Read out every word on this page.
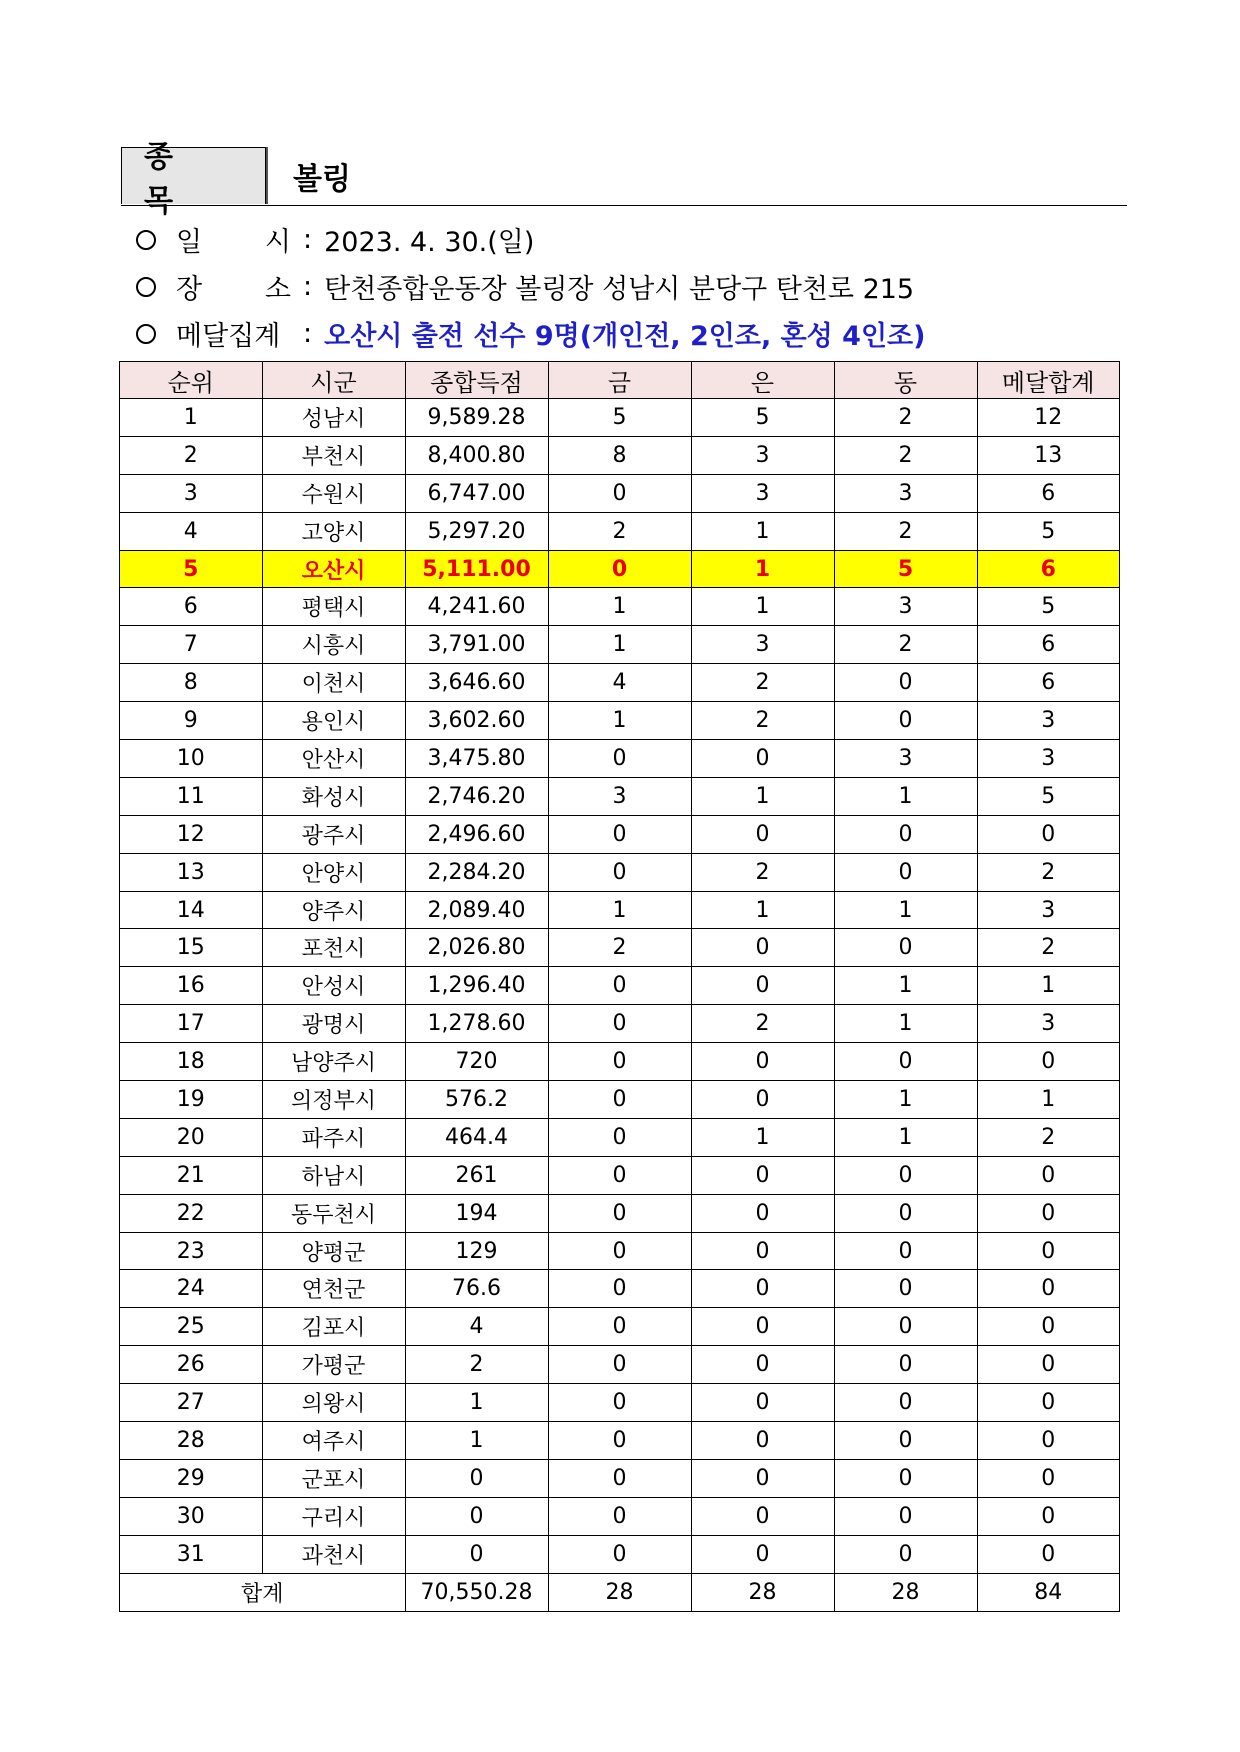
종 목
볼링
일 시 : 2023. 4. 30.(일)
장 소 : 탄천종합운동장 볼링장 성남시 분당구 탄천로 215
메달집계 : 오산시 출전 선수 9명(개인전, 2인조, 혼성 4인조)
순위	시군	종합득점	금	은	동	메달합계
1	성남시	9,589.28	5	5	2	12
2	부천시	8,400.80	8	3	2	13
3	수원시	6,747.00	0	3	3	6
4	고양시	5,297.20	2	1	2	5
5	오산시	5,111.00	0	1	5	6
6	평택시	4,241.60	1	1	3	5
7	시흥시	3,791.00	1	3	2	6
8	이천시	3,646.60	4	2	0	6
9	용인시	3,602.60	1	2	0	3
10	안산시	3,475.80	0	0	3	3
11	화성시	2,746.20	3	1	1	5
12	광주시	2,496.60	0	0	0	0
13	안양시	2,284.20	0	2	0	2
14	양주시	2,089.40	1	1	1	3
15	포천시	2,026.80	2	0	0	2
16	안성시	1,296.40	0	0	1	1
17	광명시	1,278.60	0	2	1	3
18	남양주시	720	0	0	0	0
19	의정부시	576.2	0	0	1	1
20	파주시	464.4	0	1	1	2
21	하남시	261	0	0	0	0
22	동두천시	194	0	0	0	0
23	양평군	129	0	0	0	0
24	연천군	76.6	0	0	0	0
25	김포시	4	0	0	0	0
26	가평군	2	0	0	0	0
27	의왕시	1	0	0	0	0
28	여주시	1	0	0	0	0
29	군포시	0	0	0	0	0
30	구리시	0	0	0	0	0
31	과천시	0	0	0	0	0
합계		70,550.28	28	28	28	84
